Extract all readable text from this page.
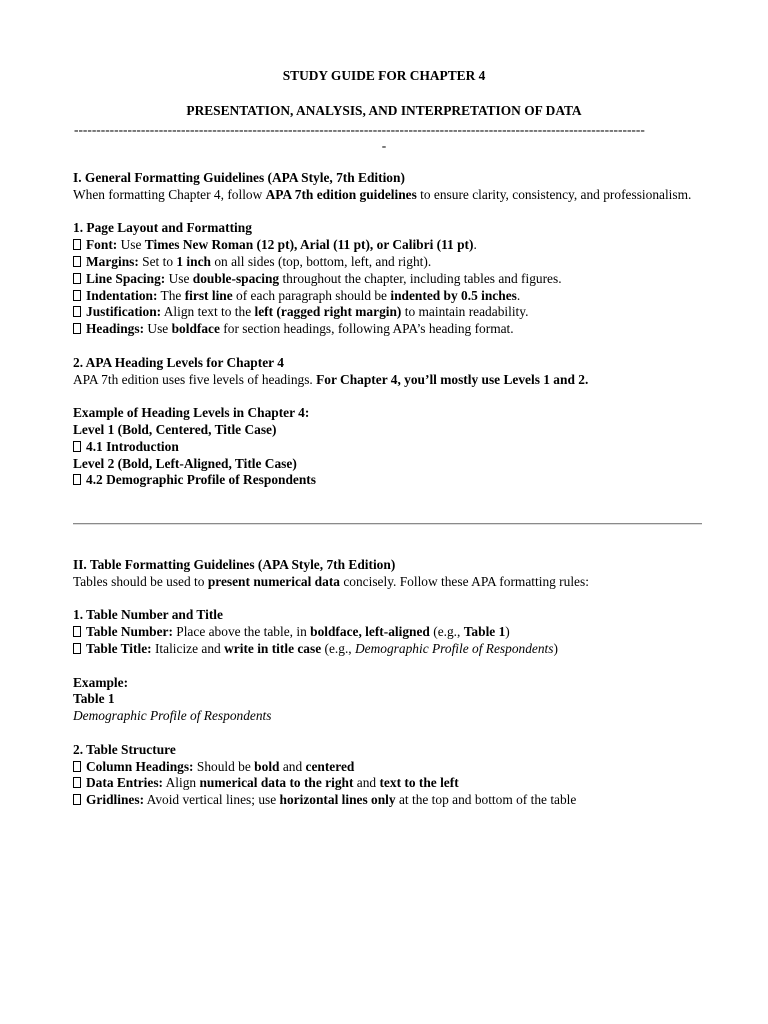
STUDY GUIDE FOR CHAPTER 4
PRESENTATION, ANALYSIS, AND INTERPRETATION OF DATA
--------------------------------------------------------------------------------------------------------------------------------
-
I. General Formatting Guidelines (APA Style, 7th Edition)
When formatting Chapter 4, follow APA 7th edition guidelines to ensure clarity, consistency, and professionalism.
1. Page Layout and Formatting
Font: Use Times New Roman (12 pt), Arial (11 pt), or Calibri (11 pt).
Margins: Set to 1 inch on all sides (top, bottom, left, and right).
Line Spacing: Use double-spacing throughout the chapter, including tables and figures.
Indentation: The first line of each paragraph should be indented by 0.5 inches.
Justification: Align text to the left (ragged right margin) to maintain readability.
Headings: Use boldface for section headings, following APA’s heading format.
2. APA Heading Levels for Chapter 4
APA 7th edition uses five levels of headings. For Chapter 4, you’ll mostly use Levels 1 and 2.
Example of Heading Levels in Chapter 4:
Level 1 (Bold, Centered, Title Case)
4.1 Introduction
Level 2 (Bold, Left-Aligned, Title Case)
4.2 Demographic Profile of Respondents
II. Table Formatting Guidelines (APA Style, 7th Edition)
Tables should be used to present numerical data concisely. Follow these APA formatting rules:
1. Table Number and Title
Table Number: Place above the table, in boldface, left-aligned (e.g., Table 1)
Table Title: Italicize and write in title case (e.g., Demographic Profile of Respondents)
Example:
Table 1
Demographic Profile of Respondents
2. Table Structure
Column Headings: Should be bold and centered
Data Entries: Align numerical data to the right and text to the left
Gridlines: Avoid vertical lines; use horizontal lines only at the top and bottom of the table
